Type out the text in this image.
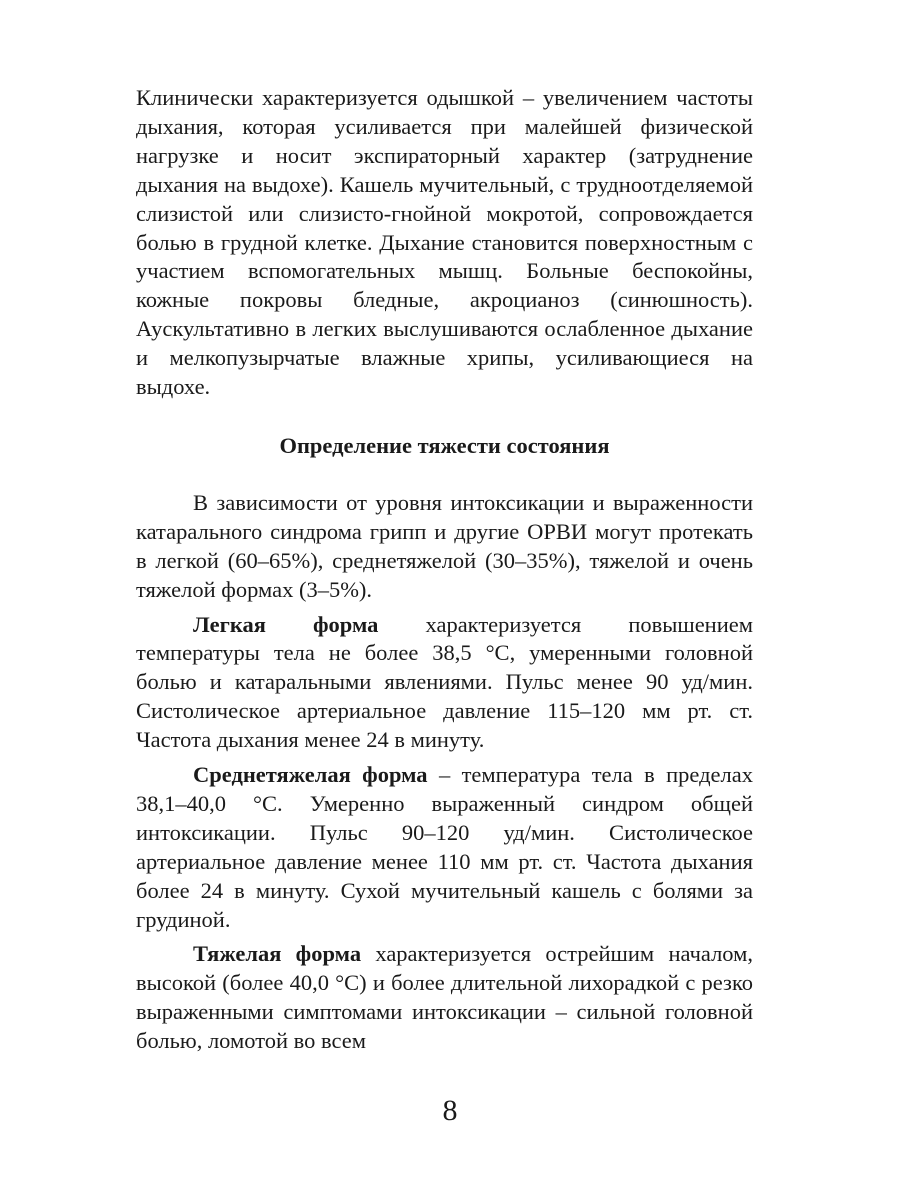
Клинически характеризуется одышкой – увеличением частоты дыхания, которая усиливается при малейшей физической нагрузке и носит экспираторный характер (затруднение дыхания на выдохе). Кашель мучительный, с трудноотделяемой слизистой или слизисто-гнойной мокротой, сопровождается болью в грудной клетке. Дыхание становится поверхностным с участием вспомогательных мышц. Больные беспокойны, кожные покровы бледные, акроцианоз (синюшность). Аускультативно в легких выслушиваются ослабленное дыхание и мелкопузырчатые влажные хрипы, усиливающиеся на выдохе.

Определение тяжести состояния

В зависимости от уровня интоксикации и выраженности катарального синдрома грипп и другие ОРВИ могут протекать в легкой (60–65%), среднетяжелой (30–35%), тяжелой и очень тяжелой формах (3–5%).

Легкая форма характеризуется повышением температуры тела не более 38,5 °C, умеренными головной болью и катаральными явлениями. Пульс менее 90 уд/мин. Систолическое артериальное давление 115–120 мм рт. ст. Частота дыхания менее 24 в минуту.

Среднетяжелая форма – температура тела в пределах 38,1–40,0 °C. Умеренно выраженный синдром общей интоксикации. Пульс 90–120 уд/мин. Систолическое артериальное давление менее 110 мм рт. ст. Частота дыхания более 24 в минуту. Сухой мучительный кашель с болями за грудиной.

Тяжелая форма характеризуется острейшим началом, высокой (более 40,0 °C) и более длительной лихорадкой с резко выраженными симптомами интоксикации – сильной головной болью, ломотой во всем

8
